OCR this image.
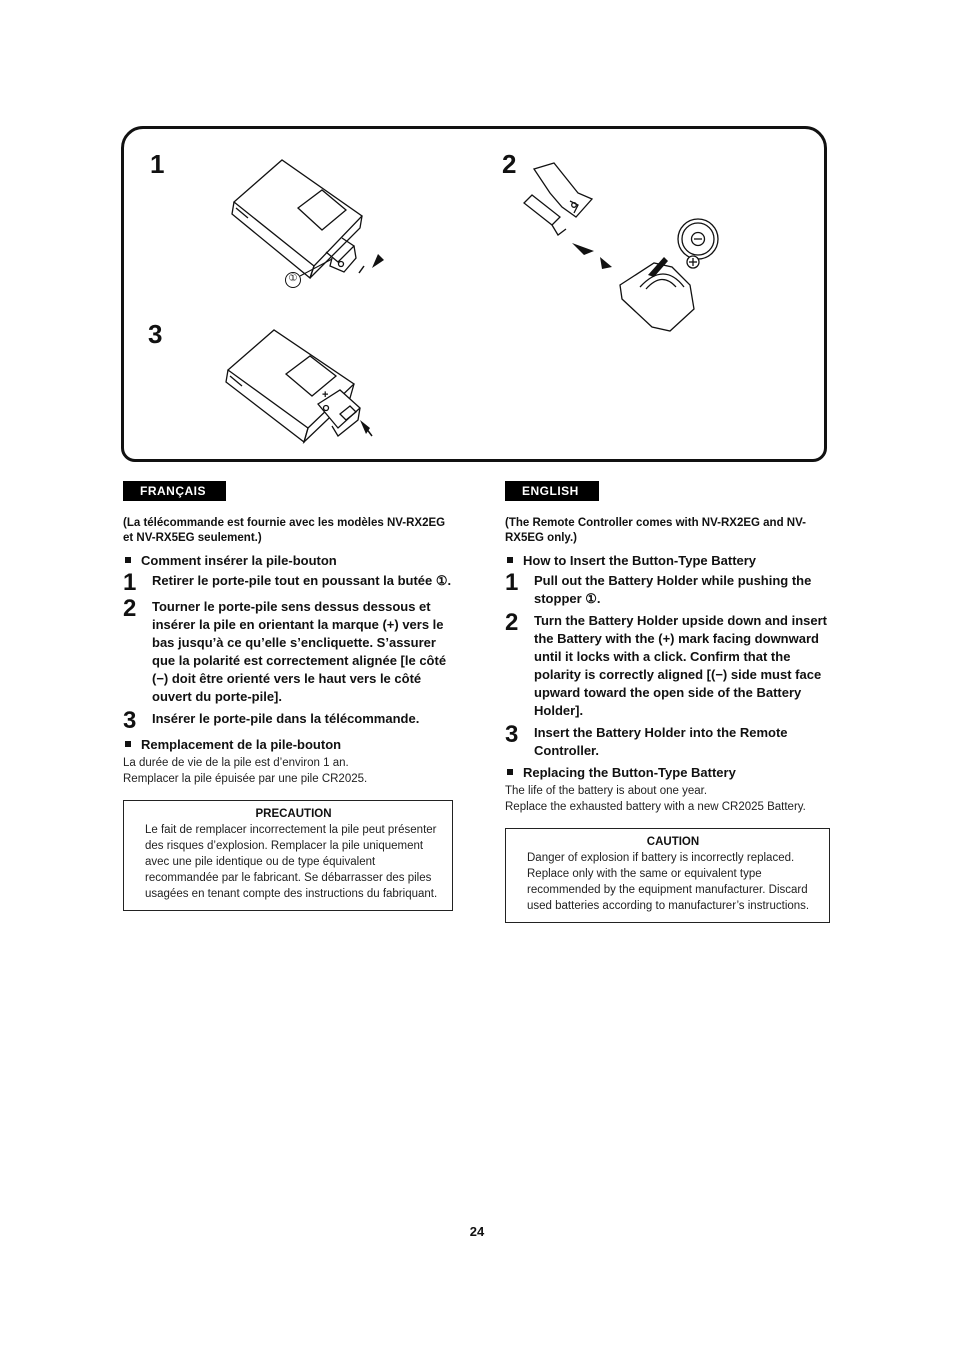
1	2
3
①
+
FRANÇAIS

(La télécommande est fournie avec les modèles NV-RX2EG et NV-RX5EG seulement.)

Comment insérer la pile-bouton
1	Retirer le porte-pile tout en poussant la butée ①.
2	Tourner le porte-pile sens dessus dessous et insérer la pile en orientant la marque (+) vers le bas jusqu’à ce qu’elle s’encliquette. S’assurer que la polarité est correctement alignée [le côté (−) doit être orienté vers le haut vers le côté ouvert du porte-pile].
3	Insérer le porte-pile dans la télécommande.
Remplacement de la pile-bouton

La durée de vie de la pile est d’environ 1 an.

Remplacer la pile épuisée par une pile CR2025.

PRECAUTION
Le fait de remplacer incorrectement la pile peut présenter des risques d’explosion. Remplacer la pile uniquement avec une pile identique ou de type équivalent recommandée par le fabricant. Se débarrasser des piles usagées en tenant compte des instructions du fabriquant.
ENGLISH

(The Remote Controller comes with NV-RX2EG and NV-RX5EG only.)

How to Insert the Button-Type Battery
1	Pull out the Battery Holder while pushing the stopper ①.
2	Turn the Battery Holder upside down and insert the Battery with the (+) mark facing downward until it locks with a click. Confirm that the polarity is correctly aligned [(−) side must face upward toward the open side of the Battery Holder].
3	Insert the Battery Holder into the Remote Controller.
Replacing the Button-Type Battery

The life of the battery is about one year.

Replace the exhausted battery with a new CR2025 Battery.

CAUTION
Danger of explosion if battery is incorrectly replaced. Replace only with the same or equivalent type recommended by the equipment manufacturer. Discard used batteries according to manufacturer’s instructions.
24
